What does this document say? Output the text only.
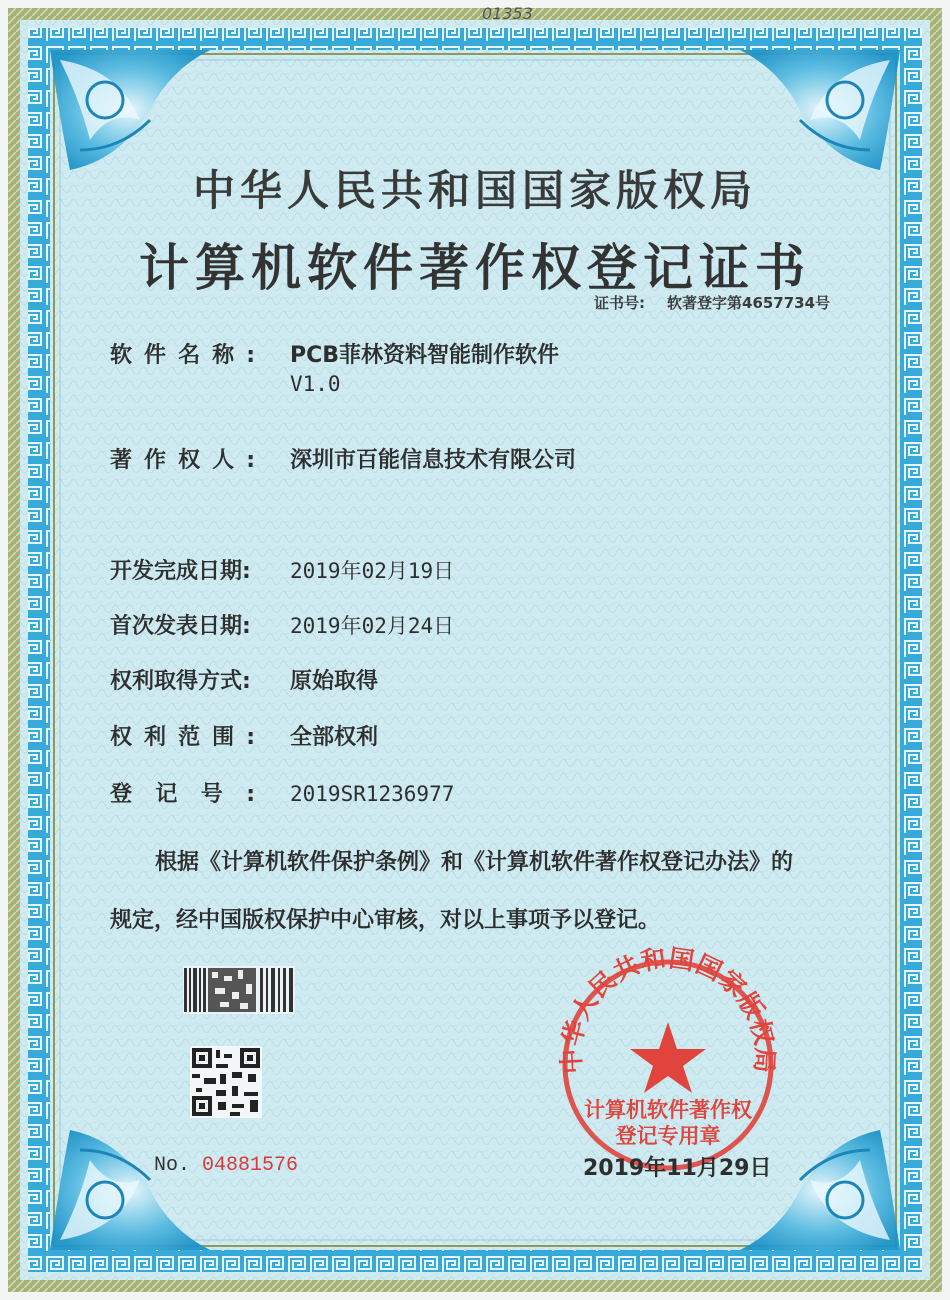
中华人民共和国国家版权局
01353
中华人民共和国国家版权局
计算机软件著作权登记证书
证书号: 软著登字第4657734号
软件名称: PCB菲林资料智能制作软件
V1.0
著作权人: 深圳市百能信息技术有限公司
开发完成日期: 2019年02月19日
首次发表日期: 2019年02月24日
权利取得方式: 原始取得
权利范围: 全部权利
登记号: 2019SR1236977
根据《计算机软件保护条例》和《计算机软件著作权登记办法》的
规定，经中国版权保护中心审核，对以上事项予以登记。
计算机软件著作权
登记专用章
No. 04881576	2019年11月29日
